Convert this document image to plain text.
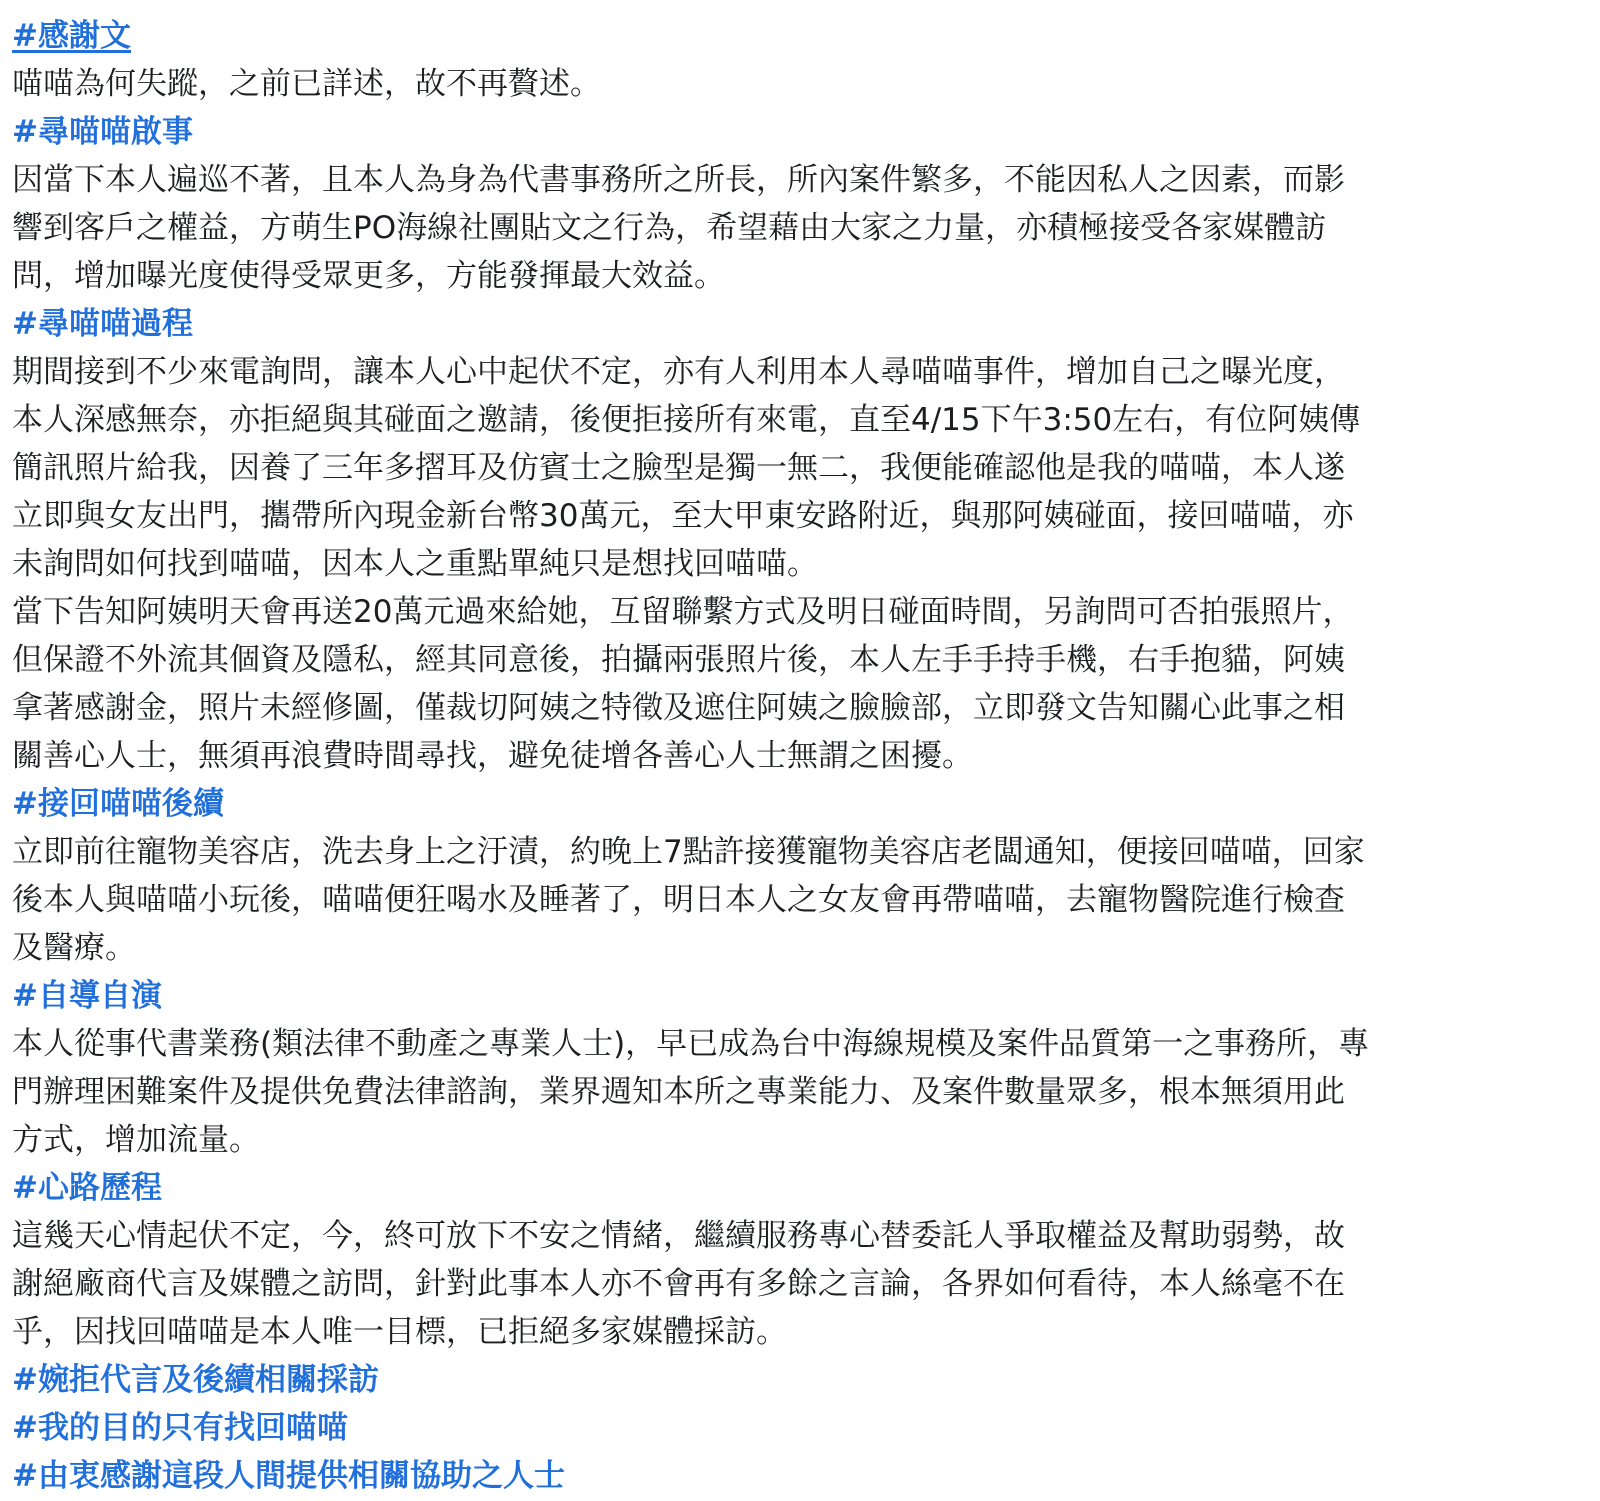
#感謝文
喵喵為何失蹤，之前已詳述，故不再贅述。
#尋喵喵啟事
因當下本人遍巡不著，且本人為身為代書事務所之所長，所內案件繁多，不能因私人之因素，而影
響到客戶之權益，方萌生PO海線社團貼文之行為，希望藉由大家之力量，亦積極接受各家媒體訪
問，增加曝光度使得受眾更多，方能發揮最大效益。
#尋喵喵過程
期間接到不少來電詢問，讓本人心中起伏不定，亦有人利用本人尋喵喵事件，增加自己之曝光度，
本人深感無奈，亦拒絕與其碰面之邀請，後便拒接所有來電，直至4/15下午3:50左右，有位阿姨傳
簡訊照片給我，因養了三年多摺耳及仿賓士之臉型是獨一無二，我便能確認他是我的喵喵，本人遂
立即與女友出門，攜帶所內現金新台幣30萬元，至大甲東安路附近，與那阿姨碰面，接回喵喵，亦
未詢問如何找到喵喵，因本人之重點單純只是想找回喵喵。
當下告知阿姨明天會再送20萬元過來給她，互留聯繫方式及明日碰面時間，另詢問可否拍張照片，
但保證不外流其個資及隱私，經其同意後，拍攝兩張照片後，本人左手手持手機，右手抱貓，阿姨
拿著感謝金，照片未經修圖，僅裁切阿姨之特徵及遮住阿姨之臉臉部，立即發文告知關心此事之相
關善心人士，無須再浪費時間尋找，避免徒增各善心人士無謂之困擾。
#接回喵喵後續
立即前往寵物美容店，洗去身上之汙漬，約晚上7點許接獲寵物美容店老闆通知，便接回喵喵，回家
後本人與喵喵小玩後，喵喵便狂喝水及睡著了，明日本人之女友會再帶喵喵，去寵物醫院進行檢查
及醫療。
#自導自演
本人從事代書業務(類法律不動產之專業人士)，早已成為台中海線規模及案件品質第一之事務所，專
門辦理困難案件及提供免費法律諮詢，業界週知本所之專業能力、及案件數量眾多，根本無須用此
方式，增加流量。
#心路歷程
這幾天心情起伏不定，今，終可放下不安之情緒，繼續服務專心替委託人爭取權益及幫助弱勢，故
謝絕廠商代言及媒體之訪問，針對此事本人亦不會再有多餘之言論，各界如何看待，本人絲毫不在
乎，因找回喵喵是本人唯一目標，已拒絕多家媒體採訪。
#婉拒代言及後續相關採訪
#我的目的只有找回喵喵
#由衷感謝這段人間提供相關協助之人士
